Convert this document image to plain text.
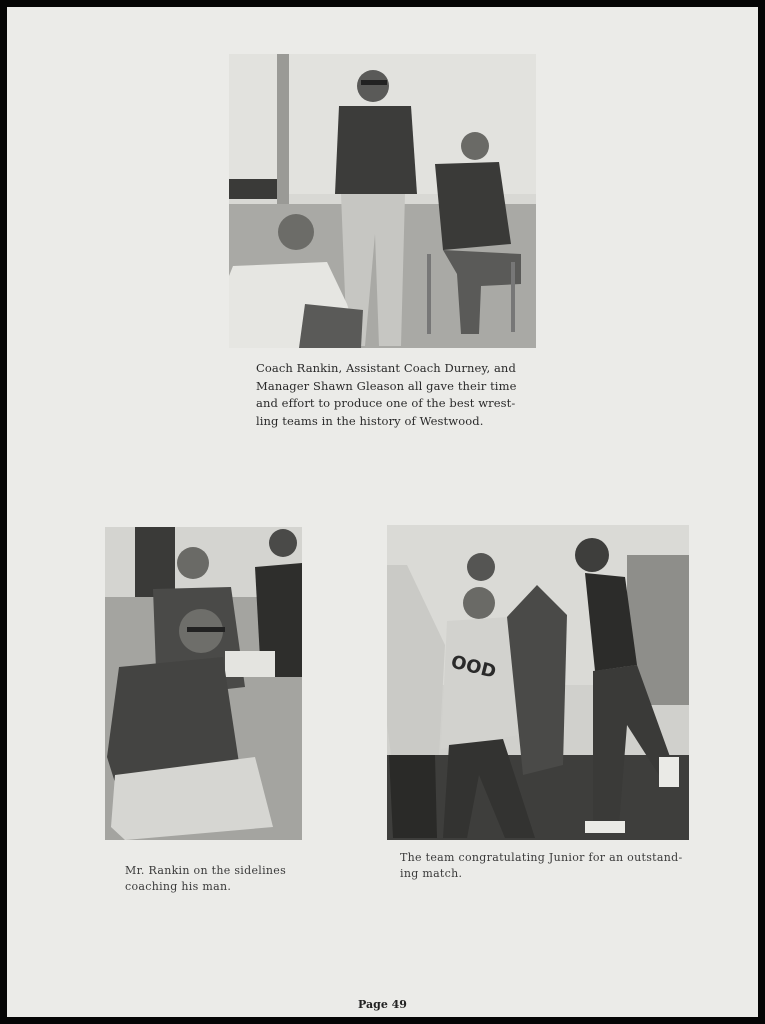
Coach Rankin, Assistant Coach Durney, and

Manager Shawn Gleason all gave their time

and effort to produce one of the best wrest-

ling teams in the history of Westwood.

Mr. Rankin on the sidelines

coaching his man.

OOD

The team congratulating Junior for an outstand-

ing match.

Page 49
